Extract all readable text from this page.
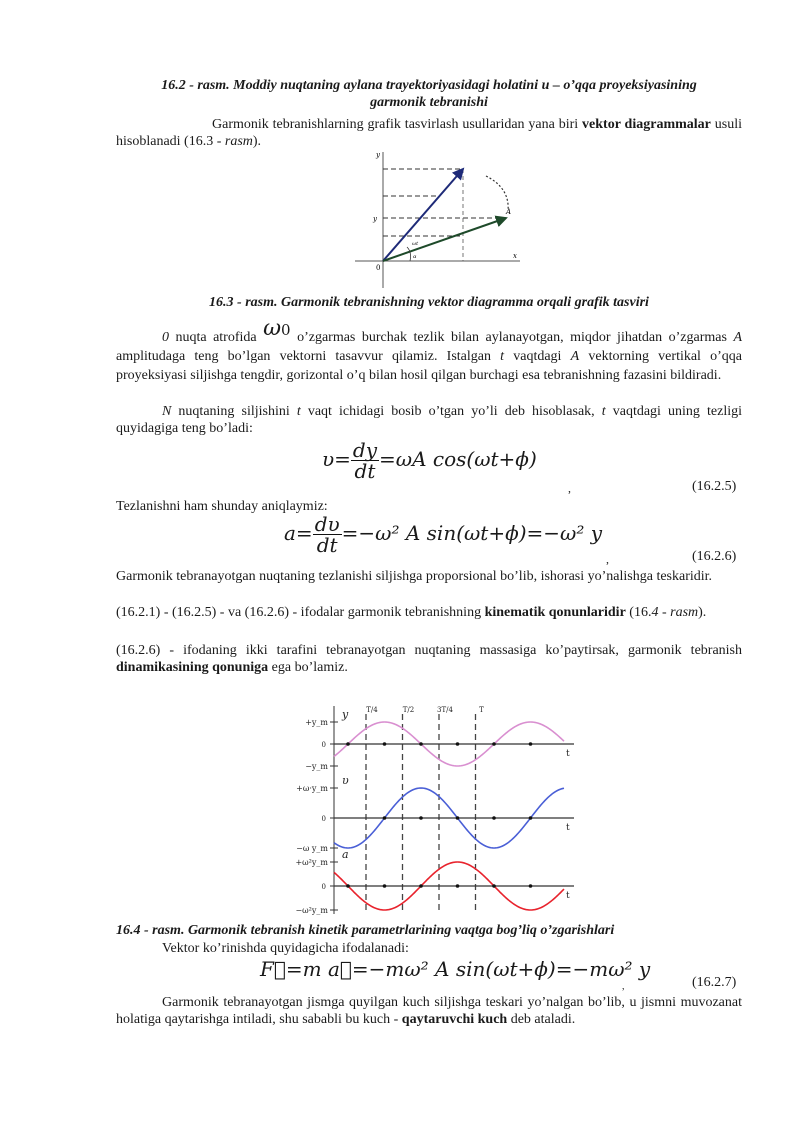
16.2 - rasm. Moddiy nuqtaning aylana trayektoriyasidagi holatini u – o’qqa proyeksiyasining
garmonik tebranishi
Garmonik tebranishlarning grafik tasvirlash usullaridan yana biri vektor diagrammalar usuli hisoblanadi (16.3 - rasm).
y
y
0
x
A
ωt
α
16.3 - rasm. Garmonik tebranishning vektor diagramma orqali grafik tasviri
0 nuqta atrofida ω0 o’zgarmas burchak tezlik bilan aylanayotgan, miqdor jihatdan o’zgarmas A amplitudaga teng bo’lgan vektorni tasavvur qilamiz. Istalgan t vaqtdagi A vektorning vertikal o’qqa proyeksiyasi siljishga tengdir, gorizontal o’q bilan hosil qilgan burchagi esa tebranishning fazasini bildiradi.
N nuqtaning siljishini t vaqt ichidagi bosib o’tgan yo’li deb hisoblasak, t vaqtdagi uning tezligi quyidagiga teng bo’ladi:
$\upsilon= \frac{dy}{dt} =\omega A$ cos(ωt+ϕ)
,	(16.2.5)
Tezlanishni ham shunday aniqlaymiz:
$a= \frac{d\upsilon}{dt} =-\omega^2$ A sin(ωt+ϕ)=−ω² y
,	(16.2.6)
Garmonik tebranayotgan nuqtaning tezlanishi siljishga proporsional bo’lib, ishorasi yo’nalishga teskaridir.
(16.2.1) - (16.2.5) - va (16.2.6) - ifodalar garmonik tebranishning kinematik qonunlaridir (16.4 - rasm).
(16.2.6) - ifodaning ikki tarafini tebranayotgan nuqtaning massasiga ko’paytirsak, garmonik tebranish dinamikasining qonuniga ega bo’lamiz.
T/4	T/2	3T/4	T
+y_m
0
−y_m
y
t
+ω·y_m
0
−ω y_m
υ
t
+ω²y_m
0
−ω²y_m
a
t
16.4 - rasm. Garmonik tebranish kinetik parametrlarining vaqtga bog’liq o’zgarishlari
Vektor ko’rinishda quyidagicha ifodalanadi:
F⃗=m a⃗=−mω² A sin(ωt+ϕ)=−mω² y
,	(16.2.7)
Garmonik tebranayotgan jismga quyilgan kuch siljishga teskari yo’nalgan bo’lib, u jismni muvozanat holatiga qaytarishga intiladi, shu sababli bu kuch - qaytaruvchi kuch deb ataladi.
